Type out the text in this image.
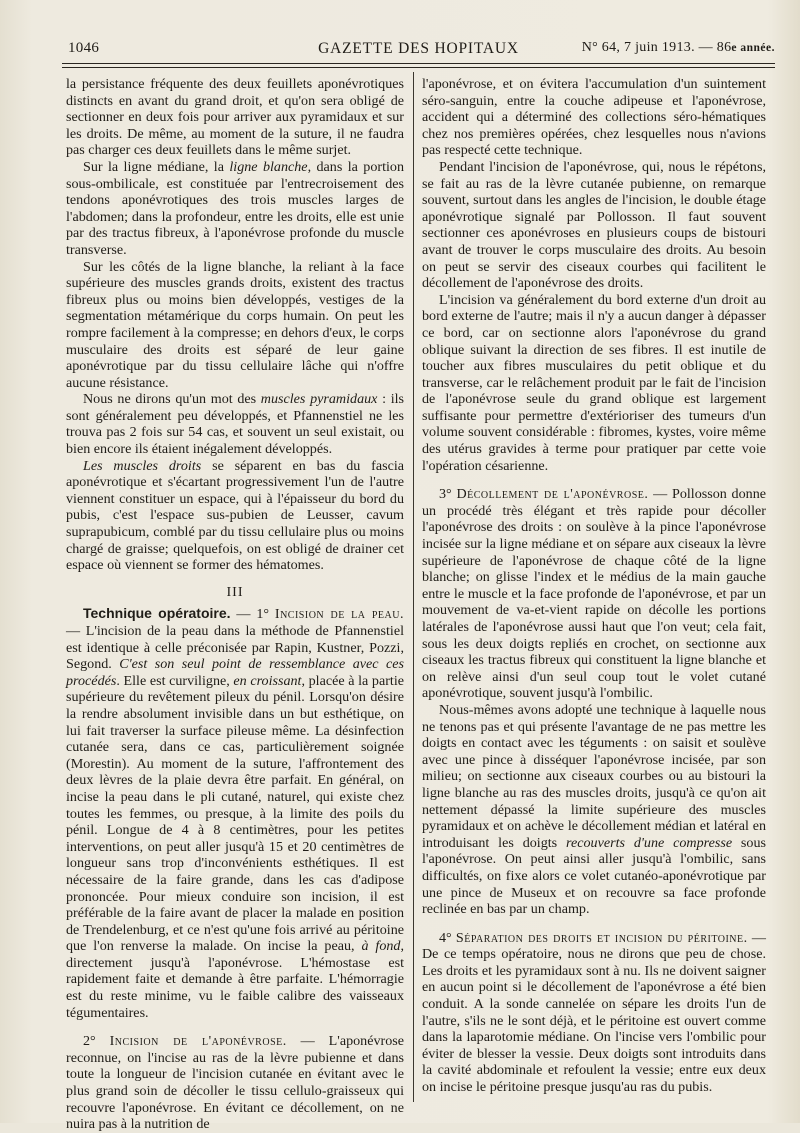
1046	GAZETTE DES HOPITAUX	N° 64, 7 juin 1913. — 86e année.

la persistance fréquente des deux feuillets aponévrotiques distincts en avant du grand droit, et qu'on sera obligé de sectionner en deux fois pour arriver aux pyramidaux et sur les droits. De même, au moment de la suture, il ne faudra pas charger ces deux feuillets dans le même surjet.

Sur la ligne médiane, la ligne blanche, dans la portion sous-ombilicale, est constituée par l'entrecroisement des tendons aponévrotiques des trois muscles larges de l'abdomen; dans la profondeur, entre les droits, elle est unie par des tractus fibreux, à l'aponévrose profonde du muscle transverse.

Sur les côtés de la ligne blanche, la reliant à la face supérieure des muscles grands droits, existent des tractus fibreux plus ou moins bien développés, vestiges de la segmentation métamérique du corps humain. On peut les rompre facilement à la compresse; en dehors d'eux, le corps musculaire des droits est séparé de leur gaine aponévrotique par du tissu cellulaire lâche qui n'offre aucune résistance.

Nous ne dirons qu'un mot des muscles pyramidaux : ils sont généralement peu développés, et Pfannenstiel ne les trouva pas 2 fois sur 54 cas, et souvent un seul existait, ou bien encore ils étaient inégalement développés.

Les muscles droits se séparent en bas du fascia aponévrotique et s'écartant progressivement l'un de l'autre viennent constituer un espace, qui à l'épaisseur du bord du pubis, c'est l'espace sus-pubien de Leusser, cavum suprapubicum, comblé par du tissu cellulaire plus ou moins chargé de graisse; quelquefois, on est obligé de drainer cet espace où viennent se former des hématomes.

III

Technique opératoire. — 1° Incision de la peau. — L'incision de la peau dans la méthode de Pfannenstiel est identique à celle préconisée par Rapin, Kustner, Pozzi, Segond. C'est son seul point de ressemblance avec ces procédés. Elle est curviligne, en croissant, placée à la partie supérieure du revêtement pileux du pénil. Lorsqu'on désire la rendre absolument invisible dans un but esthétique, on lui fait traverser la surface pileuse même. La désinfection cutanée sera, dans ce cas, particulièrement soignée (Morestin). Au moment de la suture, l'affrontement des deux lèvres de la plaie devra être parfait. En général, on incise la peau dans le pli cutané, naturel, qui existe chez toutes les femmes, ou presque, à la limite des poils du pénil. Longue de 4 à 8 centimètres, pour les petites interventions, on peut aller jusqu'à 15 et 20 centimètres de longueur sans trop d'inconvénients esthétiques. Il est nécessaire de la faire grande, dans les cas d'adipose prononcée. Pour mieux conduire son incision, il est préférable de la faire avant de placer la malade en position de Trendelenburg, et ce n'est qu'une fois arrivé au péritoine que l'on renverse la malade. On incise la peau, à fond, directement jusqu'à l'aponévrose. L'hémostase est rapidement faite et demande à être parfaite. L'hémorragie est du reste minime, vu le faible calibre des vaisseaux tégumentaires.

2° Incision de l'aponévrose. — L'aponévrose reconnue, on l'incise au ras de la lèvre pubienne et dans toute la longueur de l'incision cutanée en évitant avec le plus grand soin de décoller le tissu cellulo-graisseux qui recouvre l'aponévrose. En évitant ce décollement, on ne nuira pas à la nutrition de

l'aponévrose, et on évitera l'accumulation d'un suintement séro-sanguin, entre la couche adipeuse et l'aponévrose, accident qui a déterminé des collections séro-hématiques chez nos premières opérées, chez lesquelles nous n'avions pas respecté cette technique.

Pendant l'incision de l'aponévrose, qui, nous le répétons, se fait au ras de la lèvre cutanée pubienne, on remarque souvent, surtout dans les angles de l'incision, le double étage aponévrotique signalé par Pollosson. Il faut souvent sectionner ces aponévroses en plusieurs coups de bistouri avant de trouver le corps musculaire des droits. Au besoin on peut se servir des ciseaux courbes qui facilitent le décollement de l'aponévrose des droits.

L'incision va généralement du bord externe d'un droit au bord externe de l'autre; mais il n'y a aucun danger à dépasser ce bord, car on sectionne alors l'aponévrose du grand oblique suivant la direction de ses fibres. Il est inutile de toucher aux fibres musculaires du petit oblique et du transverse, car le relâchement produit par le fait de l'incision de l'aponévrose seule du grand oblique est largement suffisante pour permettre d'extérioriser des tumeurs d'un volume souvent considérable : fibromes, kystes, voire même des utérus gravides à terme pour pratiquer par cette voie l'opération césarienne.

3° Décollement de l'aponévrose. — Pollosson donne un procédé très élégant et très rapide pour décoller l'aponévrose des droits : on soulève à la pince l'aponévrose incisée sur la ligne médiane et on sépare aux ciseaux la lèvre supérieure de l'aponévrose de chaque côté de la ligne blanche; on glisse l'index et le médius de la main gauche entre le muscle et la face profonde de l'aponévrose, et par un mouvement de va-et-vient rapide on décolle les portions latérales de l'aponévrose aussi haut que l'on veut; cela fait, sous les deux doigts repliés en crochet, on sectionne aux ciseaux les tractus fibreux qui constituent la ligne blanche et on relève ainsi d'un seul coup tout le volet cutané aponévrotique, souvent jusqu'à l'ombilic.

Nous-mêmes avons adopté une technique à laquelle nous ne tenons pas et qui présente l'avantage de ne pas mettre les doigts en contact avec les téguments : on saisit et soulève avec une pince à disséquer l'aponévrose incisée, par son milieu; on sectionne aux ciseaux courbes ou au bistouri la ligne blanche au ras des muscles droits, jusqu'à ce qu'on ait nettement dépassé la limite supérieure des muscles pyramidaux et on achève le décollement médian et latéral en introduisant les doigts recouverts d'une compresse sous l'aponévrose. On peut ainsi aller jusqu'à l'ombilic, sans difficultés, on fixe alors ce volet cutanéo-aponévrotique par une pince de Museux et on recouvre sa face profonde reclinée en bas par un champ.

4° Séparation des droits et incision du péritoine. — De ce temps opératoire, nous ne dirons que peu de chose. Les droits et les pyramidaux sont à nu. Ils ne doivent saigner en aucun point si le décollement de l'aponévrose a été bien conduit. A la sonde cannelée on sépare les droits l'un de l'autre, s'ils ne le sont déjà, et le péritoine est ouvert comme dans la laparotomie médiane. On l'incise vers l'ombilic pour éviter de blesser la vessie. Deux doigts sont introduits dans la cavité abdominale et refoulent la vessie; entre eux deux on incise le péritoine presque jusqu'au ras du pubis.
